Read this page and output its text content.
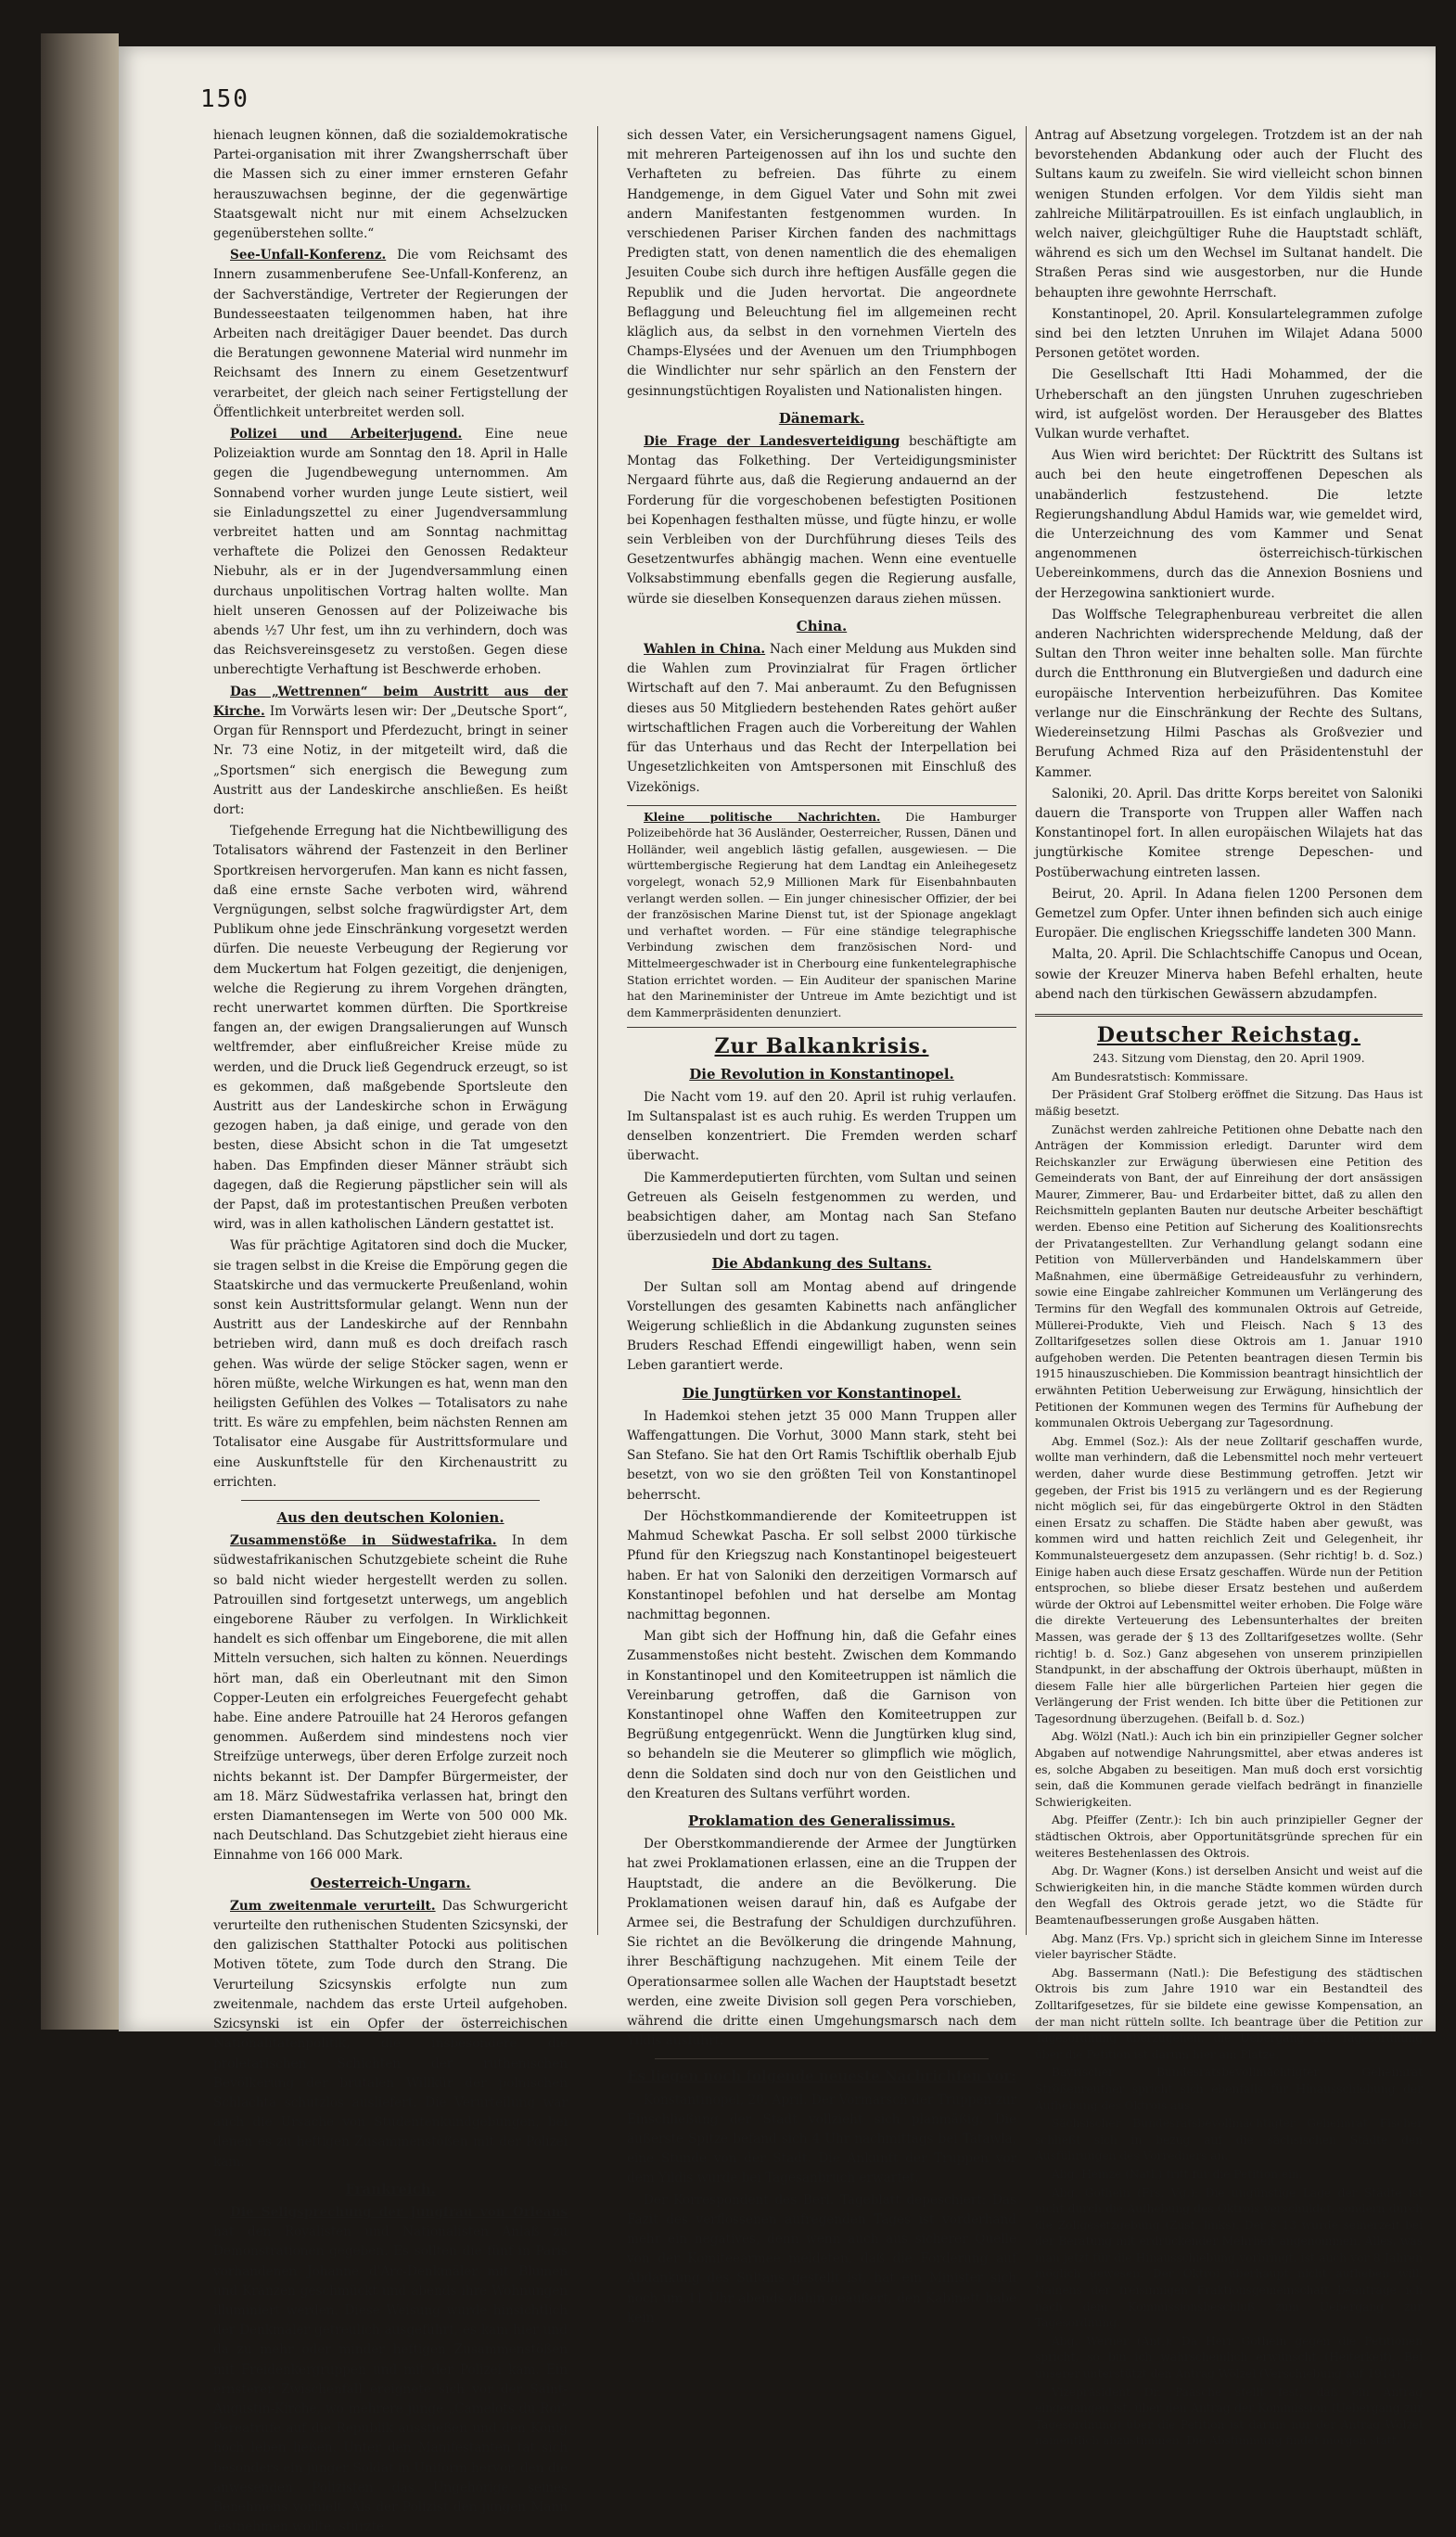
150

hienach leugnen können, daß die sozialdemokratische Partei-organisation mit ihrer Zwangsherrschaft über die Massen sich zu einer immer ernsteren Gefahr herauszuwachsen beginne, der die gegenwärtige Staatsgewalt nicht nur mit einem Achselzucken gegenüberstehen sollte.“

See-Unfall-Konferenz. Die vom Reichsamt des Innern zusammenberufene See-Unfall-Konferenz, an der Sachverständige, Vertreter der Regierungen der Bundesseestaaten teilgenommen haben, hat ihre Arbeiten nach dreitägiger Dauer beendet. Das durch die Beratungen gewonnene Material wird nunmehr im Reichsamt des Innern zu einem Gesetzentwurf verarbeitet, der gleich nach seiner Fertigstellung der Öffentlichkeit unterbreitet werden soll.

Polizei und Arbeiterjugend. Eine neue Polizeiaktion wurde am Sonntag den 18. April in Halle gegen die Jugendbewegung unternommen. Am Sonnabend vorher wurden junge Leute sistiert, weil sie Einladungszettel zu einer Jugendversammlung verbreitet hatten und am Sonntag nachmittag verhaftete die Polizei den Genossen Redakteur Niebuhr, als er in der Jugendversammlung einen durchaus unpolitischen Vortrag halten wollte. Man hielt unseren Genossen auf der Polizeiwache bis abends ½7 Uhr fest, um ihn zu verhindern, doch was das Reichsvereinsgesetz zu verstoßen. Gegen diese unberechtigte Verhaftung ist Beschwerde erhoben.

Das „Wettrennen“ beim Austritt aus der Kirche. Im Vorwärts lesen wir: Der „Deutsche Sport“, Organ für Rennsport und Pferdezucht, bringt in seiner Nr. 73 eine Notiz, in der mitgeteilt wird, daß die „Sportsmen“ sich energisch die Bewegung zum Austritt aus der Landeskirche anschließen. Es heißt dort:

Tiefgehende Erregung hat die Nichtbewilligung des Totalisators während der Fastenzeit in den Berliner Sportkreisen hervorgerufen. Man kann es nicht fassen, daß eine ernste Sache verboten wird, während Vergnügungen, selbst solche fragwürdigster Art, dem Publikum ohne jede Einschränkung vorgesetzt werden dürfen. Die neueste Verbeugung der Regierung vor dem Muckertum hat Folgen gezeitigt, die denjenigen, welche die Regierung zu ihrem Vorgehen drängten, recht unerwartet kommen dürften. Die Sportkreise fangen an, der ewigen Drangsalierungen auf Wunsch weltfremder, aber einflußreicher Kreise müde zu werden, und die Druck ließ Gegendruck erzeugt, so ist es gekommen, daß maßgebende Sportsleute den Austritt aus der Landeskirche schon in Erwägung gezogen haben, ja daß einige, und gerade von den besten, diese Absicht schon in die Tat umgesetzt haben. Das Empfinden dieser Männer sträubt sich dagegen, daß die Regierung päpstlicher sein will als der Papst, daß im protestantischen Preußen verboten wird, was in allen katholischen Ländern gestattet ist.

Was für prächtige Agitatoren sind doch die Mucker, sie tragen selbst in die Kreise die Empörung gegen die Staatskirche und das vermuckerte Preußenland, wohin sonst kein Austrittsformular gelangt. Wenn nun der Austritt aus der Landeskirche auf der Rennbahn betrieben wird, dann muß es doch dreifach rasch gehen. Was würde der selige Stöcker sagen, wenn er hören müßte, welche Wirkungen es hat, wenn man den heiligsten Gefühlen des Volkes — Totalisators zu nahe tritt. Es wäre zu empfehlen, beim nächsten Rennen am Totalisator eine Ausgabe für Austrittsformulare und eine Auskunftstelle für den Kirchenaustritt zu errichten.

Aus den deutschen Kolonien.

Zusammenstöße in Südwestafrika. In dem südwestafrikanischen Schutzgebiete scheint die Ruhe so bald nicht wieder hergestellt werden zu sollen. Patrouillen sind fortgesetzt unterwegs, um angeblich eingeborene Räuber zu verfolgen. In Wirklichkeit handelt es sich offenbar um Eingeborene, die mit allen Mitteln versuchen, sich halten zu können. Neuerdings hört man, daß ein Oberleutnant mit den Simon Copper-Leuten ein erfolgreiches Feuergefecht gehabt habe. Eine andere Patrouille hat 24 Heroros gefangen genommen. Außerdem sind mindestens noch vier Streifzüge unterwegs, über deren Erfolge zurzeit noch nichts bekannt ist. Der Dampfer Bürgermeister, der am 18. März Südwestafrika verlassen hat, bringt den ersten Diamantensegen im Werte von 500 000 Mk. nach Deutschland. Das Schutzgebiet zieht hieraus eine Einnahme von 166 000 Mark.

Oesterreich-Ungarn.

Zum zweitenmale verurteilt. Das Schwurgericht verurteilte den ruthenischen Studenten Szicsynski, der den galizischen Statthalter Potocki aus politischen Motiven tötete, zum Tode durch den Strang. Die Verurteilung Szicsynskis erfolgte nun zum zweitenmale, nachdem das erste Urteil aufgehoben. Szicsynski ist ein Opfer der österreichischen Nationalitätenpolitik, die insbesondere die proletarischen Schichten der ruthenischen Bevölkerung der brutalen Willkür der polnischen Schlachta schutzlos ausliefert. Die Verurteilung war auch die Ursache von Studentenkundgebungen, bei denen es zu heftigen Zusammenstößen mit der Polizei kam.

Frankreich.

Die Seligsprechung der Jungfrau von Orleans hat den Royalisten und Nationalisten Anlaß zu Demonstrationen gegeben. Es sollten die fünf in Paris vorhandenen Johanne d'Arc-Denkmäler mit Blumen und Kränzen geschmückt und abends ihre Wohnungen illuminiert werden. Diese Weisung wurde hinsichtlich der Denkmäler getreulich ausgeführt, es kam hier und da zu mehr oder minder heftigen Zusammenstößen mit Freidenkergruppen und mit der Polizei kam. Ein ernsterer Zwischenfall ereignete sich vor der Saint-Augustin-Kirche, wo mehrere junge „Camelots du Roi“ Pereatrufe auf die Republik ausstießen und den König hoch leben ließen. Unter den Manifestanten tat sich besonders ein junger Soldat in Uniform hervor, den die anwesenden Polizisten das Ungehörige seines Benehmens vorhielt. Als der Polizist den jungen Mann festnehmen wollte, stürzte

sich dessen Vater, ein Versicherungsagent namens Giguel, mit mehreren Parteigenossen auf ihn los und suchte den Verhafteten zu befreien. Das führte zu einem Handgemenge, in dem Giguel Vater und Sohn mit zwei andern Manifestanten festgenommen wurden. In verschiedenen Pariser Kirchen fanden des nachmittags Predigten statt, von denen namentlich die des ehemaligen Jesuiten Coube sich durch ihre heftigen Ausfälle gegen die Republik und die Juden hervortat. Die angeordnete Beflaggung und Beleuchtung fiel im allgemeinen recht kläglich aus, da selbst in den vornehmen Vierteln des Champs-Elysées und der Avenuen um den Triumphbogen die Windlichter nur sehr spärlich an den Fenstern der gesinnungstüchtigen Royalisten und Nationalisten hingen.

Dänemark.

Die Frage der Landesverteidigung beschäftigte am Montag das Folkething. Der Verteidigungsminister Nergaard führte aus, daß die Regierung andauernd an der Forderung für die vorgeschobenen befestigten Positionen bei Kopenhagen festhalten müsse, und fügte hinzu, er wolle sein Verbleiben von der Durchführung dieses Teils des Gesetzentwurfes abhängig machen. Wenn eine eventuelle Volksabstimmung ebenfalls gegen die Regierung ausfalle, würde sie dieselben Konsequenzen daraus ziehen müssen.

China.

Wahlen in China. Nach einer Meldung aus Mukden sind die Wahlen zum Provinzialrat für Fragen örtlicher Wirtschaft auf den 7. Mai anberaumt. Zu den Befugnissen dieses aus 50 Mitgliedern bestehenden Rates gehört außer wirtschaftlichen Fragen auch die Vorbereitung der Wahlen für das Unterhaus und das Recht der Interpellation bei Ungesetzlichkeiten von Amtspersonen mit Einschluß des Vizekönigs.

Kleine politische Nachrichten. Die Hamburger Polizeibehörde hat 36 Ausländer, Oesterreicher, Russen, Dänen und Holländer, weil angeblich lästig gefallen, ausgewiesen. — Die württembergische Regierung hat dem Landtag ein Anleihegesetz vorgelegt, wonach 52,9 Millionen Mark für Eisenbahnbauten verlangt werden sollen. — Ein junger chinesischer Offizier, der bei der französischen Marine Dienst tut, ist der Spionage angeklagt und verhaftet worden. — Für eine ständige telegraphische Verbindung zwischen dem französischen Nord- und Mittelmeergeschwader ist in Cherbourg eine funkentelegraphische Station errichtet worden. — Ein Auditeur der spanischen Marine hat den Marineminister der Untreue im Amte bezichtigt und ist dem Kammerpräsidenten denunziert.

Zur Balkankrisis.
Die Revolution in Konstantinopel.

Die Nacht vom 19. auf den 20. April ist ruhig verlaufen. Im Sultanspalast ist es auch ruhig. Es werden Truppen um denselben konzentriert. Die Fremden werden scharf überwacht.

Die Kammerdeputierten fürchten, vom Sultan und seinen Getreuen als Geiseln festgenommen zu werden, und beabsichtigen daher, am Montag nach San Stefano überzusiedeln und dort zu tagen.

Die Abdankung des Sultans.

Der Sultan soll am Montag abend auf dringende Vorstellungen des gesamten Kabinetts nach anfänglicher Weigerung schließlich in die Abdankung zugunsten seines Bruders Reschad Effendi eingewilligt haben, wenn sein Leben garantiert werde.

Die Jungtürken vor Konstantinopel.

In Hademkoi stehen jetzt 35 000 Mann Truppen aller Waffengattungen. Die Vorhut, 3000 Mann stark, steht bei San Stefano. Sie hat den Ort Ramis Tschiftlik oberhalb Ejub besetzt, von wo sie den größten Teil von Konstantinopel beherrscht.

Der Höchstkommandierende der Komiteetruppen ist Mahmud Schewkat Pascha. Er soll selbst 2000 türkische Pfund für den Kriegszug nach Konstantinopel beigesteuert haben. Er hat von Saloniki den derzeitigen Vormarsch auf Konstantinopel befohlen und hat derselbe am Montag nachmittag begonnen.

Man gibt sich der Hoffnung hin, daß die Gefahr eines Zusammenstoßes nicht besteht. Zwischen dem Kommando in Konstantinopel und den Komiteetruppen ist nämlich die Vereinbarung getroffen, daß die Garnison von Konstantinopel ohne Waffen den Komiteetruppen zur Begrüßung entgegenrückt. Wenn die Jungtürken klug sind, so behandeln sie die Meuterer so glimpflich wie möglich, denn die Soldaten sind doch nur von den Geistlichen und den Kreaturen des Sultans verführt worden.

Proklamation des Generalissimus.

Der Oberstkommandierende der Armee der Jungtürken hat zwei Proklamationen erlassen, eine an die Truppen der Hauptstadt, die andere an die Bevölkerung. Die Proklamationen weisen darauf hin, daß es Aufgabe der Armee sei, die Bestrafung der Schuldigen durchzuführen. Sie richtet an die Bevölkerung die dringende Mahnung, ihrer Beschäftigung nachzugehen. Mit einem Teile der Operationsarmee sollen alle Wachen der Hauptstadt besetzt werden, eine zweite Division soll gegen Pera vorschieben, während die dritte einen Umgehungsmarsch nach dem Yildis ausführt.

Es liegen noch folgende neueste Nachrichten vor:

Konstantinopel, 20. April. Der Vormarsch der Truppen zur Einschließung der Stadt vollzieht sich planmäßig. Die äußerste Spitze befand sich 4 Uhr nachmittags bei Tatawla, eine Stunde von der Stadt. Die Ankunft der Truppen vor dem Yildis wurde bei Tagesanbruch erwartet.

Der Korrespondent des Berl. Tageblatt depeschiert: Das Fazit des verflossenen aufregenden Tages ist vorderhand mehr ein negatives, denn wenn auch aus sicherer Quelle von der Komiteearmee meldeten, daß die Forderung auf Abdankung des Sultans gestellt ist, hat ein Minister sich noch um 11 Uhr abends dahin geäußert, den Kabinett habe kein

Antrag auf Absetzung vorgelegen. Trotzdem ist an der nah bevorstehenden Abdankung oder auch der Flucht des Sultans kaum zu zweifeln. Sie wird vielleicht schon binnen wenigen Stunden erfolgen. Vor dem Yildis sieht man zahlreiche Militärpatrouillen. Es ist einfach unglaublich, in welch naiver, gleichgültiger Ruhe die Hauptstadt schläft, während es sich um den Wechsel im Sultanat handelt. Die Straßen Peras sind wie ausgestorben, nur die Hunde behaupten ihre gewohnte Herrschaft.

Konstantinopel, 20. April. Konsulartelegrammen zufolge sind bei den letzten Unruhen im Wilajet Adana 5000 Personen getötet worden.

Die Gesellschaft Itti Hadi Mohammed, der die Urheberschaft an den jüngsten Unruhen zugeschrieben wird, ist aufgelöst worden. Der Herausgeber des Blattes Vulkan wurde verhaftet.

Aus Wien wird berichtet: Der Rücktritt des Sultans ist auch bei den heute eingetroffenen Depeschen als unabänderlich festzustehend. Die letzte Regierungshandlung Abdul Hamids war, wie gemeldet wird, die Unterzeichnung des vom Kammer und Senat angenommenen österreichisch-türkischen Uebereinkommens, durch das die Annexion Bosniens und der Herzegowina sanktioniert wurde.

Das Wolffsche Telegraphenbureau verbreitet die allen anderen Nachrichten widersprechende Meldung, daß der Sultan den Thron weiter inne behalten solle. Man fürchte durch die Entthronung ein Blutvergießen und dadurch eine europäische Intervention herbeizuführen. Das Komitee verlange nur die Einschränkung der Rechte des Sultans, Wiedereinsetzung Hilmi Paschas als Großvezier und Berufung Achmed Riza auf den Präsidentenstuhl der Kammer.

Saloniki, 20. April. Das dritte Korps bereitet von Saloniki dauern die Transporte von Truppen aller Waffen nach Konstantinopel fort. In allen europäischen Wilajets hat das jungtürkische Komitee strenge Depeschen- und Postüberwachung eintreten lassen.

Beirut, 20. April. In Adana fielen 1200 Personen dem Gemetzel zum Opfer. Unter ihnen befinden sich auch einige Europäer. Die englischen Kriegsschiffe landeten 300 Mann.

Malta, 20. April. Die Schlachtschiffe Canopus und Ocean, sowie der Kreuzer Minerva haben Befehl erhalten, heute abend nach den türkischen Gewässern abzudampfen.

Deutscher Reichstag.

243. Sitzung vom Dienstag, den 20. April 1909.

Am Bundesratstisch: Kommissare.

Der Präsident Graf Stolberg eröffnet die Sitzung. Das Haus ist mäßig besetzt.

Zunächst werden zahlreiche Petitionen ohne Debatte nach den Anträgen der Kommission erledigt. Darunter wird dem Reichskanzler zur Erwägung überwiesen eine Petition des Gemeinderats von Bant, der auf Einreihung der dort ansässigen Maurer, Zimmerer, Bau- und Erdarbeiter bittet, daß zu allen den Reichsmitteln geplanten Bauten nur deutsche Arbeiter beschäftigt werden. Ebenso eine Petition auf Sicherung des Koalitionsrechts der Privatangestellten. Zur Verhandlung gelangt sodann eine Petition von Müllerverbänden und Handelskammern über Maßnahmen, eine übermäßige Getreideausfuhr zu verhindern, sowie eine Eingabe zahlreicher Kommunen um Verlängerung des Termins für den Wegfall des kommunalen Oktrois auf Getreide, Müllerei-Produkte, Vieh und Fleisch. Nach § 13 des Zolltarifgesetzes sollen diese Oktrois am 1. Januar 1910 aufgehoben werden. Die Petenten beantragen diesen Termin bis 1915 hinauszuschieben. Die Kommission beantragt hinsichtlich der erwähnten Petition Ueberweisung zur Erwägung, hinsichtlich der Petitionen der Kommunen wegen des Termins für Aufhebung der kommunalen Oktrois Uebergang zur Tagesordnung.

Abg. Emmel (Soz.): Als der neue Zolltarif geschaffen wurde, wollte man verhindern, daß die Lebensmittel noch mehr verteuert werden, daher wurde diese Bestimmung getroffen. Jetzt wir gegeben, der Frist bis 1915 zu verlängern und es der Regierung nicht möglich sei, für das eingebürgerte Oktrol in den Städten einen Ersatz zu schaffen. Die Städte haben aber gewußt, was kommen wird und hatten reichlich Zeit und Gelegenheit, ihr Kommunalsteuergesetz dem anzupassen. (Sehr richtig! b. d. Soz.) Einige haben auch diese Ersatz geschaffen. Würde nun der Petition entsprochen, so bliebe dieser Ersatz bestehen und außerdem würde der Oktroi auf Lebensmittel weiter erhoben. Die Folge wäre die direkte Verteuerung des Lebensunterhaltes der breiten Massen, was gerade der § 13 des Zolltarifgesetzes wollte. (Sehr richtig! b. d. Soz.) Ganz abgesehen von unserem prinzipiellen Standpunkt, in der abschaffung der Oktrois überhaupt, müßten in diesem Falle hier alle bürgerlichen Parteien hier gegen die Verlängerung der Frist wenden. Ich bitte über die Petitionen zur Tagesordnung überzugehen. (Beifall b. d. Soz.)

Abg. Wölzl (Natl.): Auch ich bin ein prinzipieller Gegner solcher Abgaben auf notwendige Nahrungsmittel, aber etwas anderes ist es, solche Abgaben zu beseitigen. Man muß doch erst vorsichtig sein, daß die Kommunen gerade vielfach bedrängt in finanzielle Schwierigkeiten.

Abg. Pfeiffer (Zentr.): Ich bin auch prinzipieller Gegner der städtischen Oktrois, aber Opportunitätsgründe sprechen für ein weiteres Bestehenlassen des Oktrois.

Abg. Dr. Wagner (Kons.) ist derselben Ansicht und weist auf die Schwierigkeiten hin, in die manche Städte kommen würden durch den Wegfall des Oktrois gerade jetzt, wo die Städte für Beamtenaufbesserungen große Ausgaben hätten.

Abg. Manz (Frs. Vp.) spricht sich in gleichem Sinne im Interesse vieler bayrischer Städte.

Abg. Bassermann (Natl.): Die Befestigung des städtischen Oktrois bis zum Jahre 1910 war ein Bestandteil des Zolltarifgesetzes, für sie bildete eine gewisse Kompensation, an der man nicht rütteln sollte. Ich beantrage über die Petition zur Tagesordnung überzugehen, die Uebergang zur Tagesordnung über die Petition ist darum hier am Platze.

Bayrischer Bundesratsbevollmächtigter Geheimrat Strößenreuther spricht sich ebenfalls für Hinausschiebung der Aufhebung des Oktrois aus.

Sächsischer Bundesratsbevollmächtigter Geheimrat Fischer schließt sich in bezug auf die sächsischen Städte den Ausführungen des Vorredners an.

Abg. Heinze (Natl.) tritt für die Petition ein.

Abg. Gothein (Frs. Vg.): Die ungünstige Lage der Städte ist nicht durch die Aufhebung des Oktrois verschuldet, sondern durch die Zollgesetzgebung (Zust. links). Der § 13 wurde seinerzeit bei der Beratung mit erdrückender Mehrheit angenommen. Alles, was man jetzt für die Hinausschiebung vorbringt, ist auch vor 8 Jahren möglich gewesen. Der Oktroi überhaupt nicht aufheben will. Namens der freisinnigen Fraktionsgemeinschaft beantrage ich nach dem Kommissionsbeschluß zum Uebergang zur Tagesordnung.

Abg. Werner (Ant.): Da Herr Gothein gegen die Petitionen spricht, so bin ich wahrscheinlich erwünscht (Heiterkeit). Bei unserer unterstützt den Antrag Wölzel (Verschiebung auf 1914).

Vizepräsident Dr. Paasche stellt fest, daß ein Antrag eingegangen ist, über den Antrag der Kommission (Uebergang zur Tagesordnung) über die Petition ist darum nur der Antrag Wölzel namentlich abzustimmen. Die Abstimmung findet morgen statt.
